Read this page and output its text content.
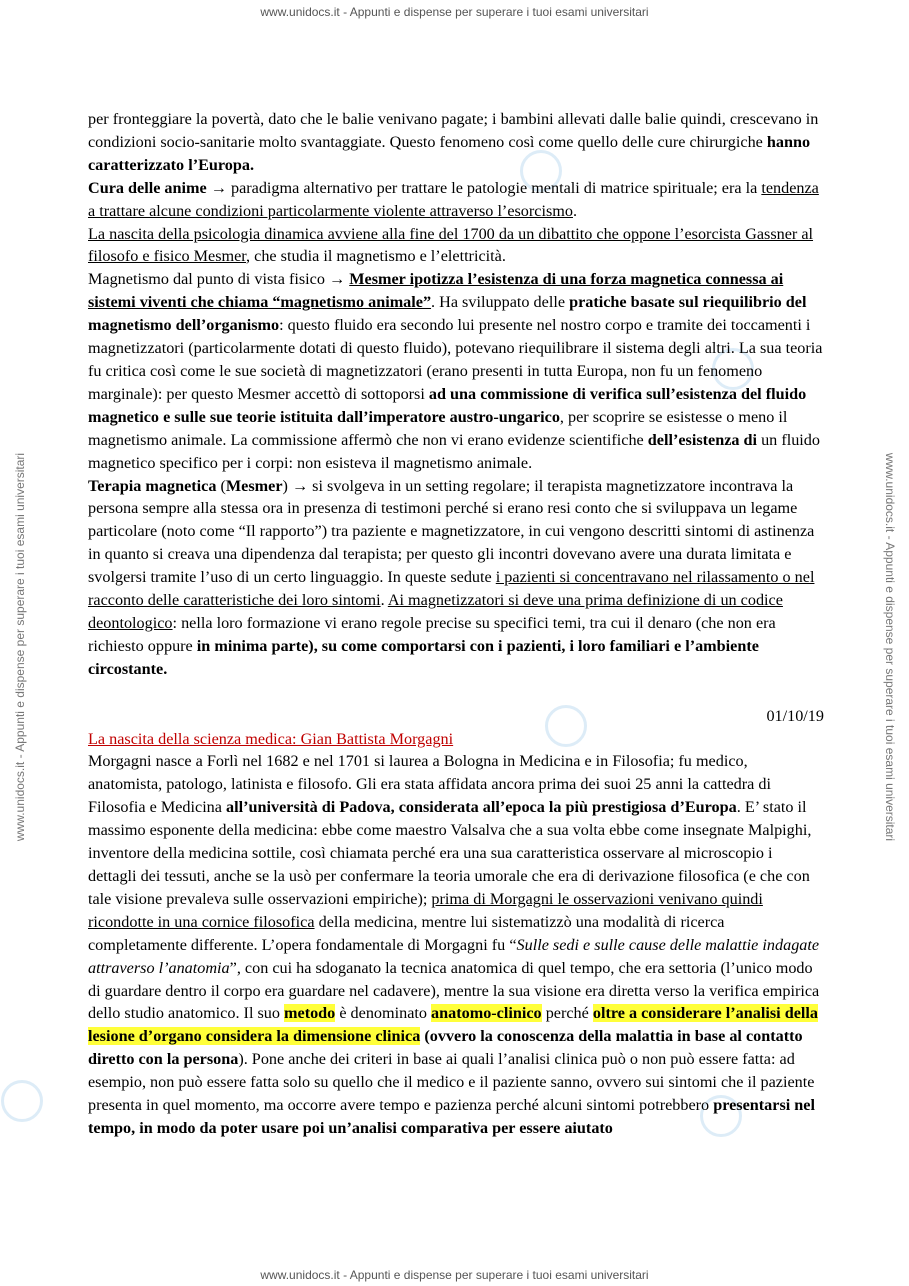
www.unidocs.it - Appunti e dispense per superare i tuoi esami universitari
www.unidocs.it - Appunti e dispense per superare i tuoi esami universitari	www.unidocs.it - Appunti e dispense per superare i tuoi esami universitari

per fronteggiare la povertà, dato che le balie venivano pagate; i bambini allevati dalle balie quindi, crescevano in condizioni socio-sanitarie molto svantaggiate. Questo fenomeno così come quello delle cure chirurgiche hanno caratterizzato l’Europa.
Cura delle anime → paradigma alternativo per trattare le patologie mentali di matrice spirituale; era la tendenza a trattare alcune condizioni particolarmente violente attraverso l’esorcismo.
La nascita della psicologia dinamica avviene alla fine del 1700 da un dibattito che oppone l’esorcista Gassner al filosofo e fisico Mesmer, che studia il magnetismo e l’elettricità.
Magnetismo dal punto di vista fisico → Mesmer ipotizza l’esistenza di una forza magnetica connessa ai sistemi viventi che chiama “magnetismo animale”. Ha sviluppato delle pratiche basate sul riequilibrio del magnetismo dell’organismo: questo fluido era secondo lui presente nel nostro corpo e tramite dei toccamenti i magnetizzatori (particolarmente dotati di questo fluido), potevano riequilibrare il sistema degli altri. La sua teoria fu critica così come le sue società di magnetizzatori (erano presenti in tutta Europa, non fu un fenomeno marginale): per questo Mesmer accettò di sottoporsi ad una commissione di verifica sull’esistenza del fluido magnetico e sulle sue teorie istituita dall’imperatore austro-ungarico, per scoprire se esistesse o meno il magnetismo animale. La commissione affermò che non vi erano evidenze scientifiche dell’esistenza di un fluido magnetico specifico per i corpi: non esisteva il magnetismo animale.

Terapia magnetica (Mesmer) → si svolgeva in un setting regolare; il terapista magnetizzatore incontrava la persona sempre alla stessa ora in presenza di testimoni perché si erano resi conto che si sviluppava un legame particolare (noto come “Il rapporto”) tra paziente e magnetizzatore, in cui vengono descritti sintomi di astinenza in quanto si creava una dipendenza dal terapista; per questo gli incontri dovevano avere una durata limitata e svolgersi tramite l’uso di un certo linguaggio. In queste sedute i pazienti si concentravano nel rilassamento o nel racconto delle caratteristiche dei loro sintomi. Ai magnetizzatori si deve una prima definizione di un codice deontologico: nella loro formazione vi erano regole precise su specifici temi, tra cui il denaro (che non era richiesto oppure in minima parte), su come comportarsi con i pazienti, i loro familiari e l’ambiente circostante.

01/10/19

La nascita della scienza medica: Gian Battista Morgagni

Morgagni nasce a Forlì nel 1682 e nel 1701 si laurea a Bologna in Medicina e in Filosofia; fu medico, anatomista, patologo, latinista e filosofo. Gli era stata affidata ancora prima dei suoi 25 anni la cattedra di Filosofia e Medicina all’università di Padova, considerata all’epoca la più prestigiosa d’Europa. E’ stato il massimo esponente della medicina: ebbe come maestro Valsalva che a sua volta ebbe come insegnate Malpighi, inventore della medicina sottile, così chiamata perché era una sua caratteristica osservare al microscopio i dettagli dei tessuti, anche se la usò per confermare la teoria umorale che era di derivazione filosofica (e che con tale visione prevaleva sulle osservazioni empiriche); prima di Morgagni le osservazioni venivano quindi ricondotte in una cornice filosofica della medicina, mentre lui sistematizzò una modalità di ricerca completamente differente. L’opera fondamentale di Morgagni fu “Sulle sedi e sulle cause delle malattie indagate attraverso l’anatomia”, con cui ha sdoganato la tecnica anatomica di quel tempo, che era settoria (l’unico modo di guardare dentro il corpo era guardare nel cadavere), mentre la sua visione era diretta verso la verifica empirica dello studio anatomico. Il suo metodo è denominato anatomo-clinico perché oltre a considerare l’analisi della lesione d’organo considera la dimensione clinica (ovvero la conoscenza della malattia in base al contatto diretto con la persona). Pone anche dei criteri in base ai quali l’analisi clinica può o non può essere fatta: ad esempio, non può essere fatta solo su quello che il medico e il paziente sanno, ovvero sui sintomi che il paziente presenta in quel momento, ma occorre avere tempo e pazienza perché alcuni sintomi potrebbero presentarsi nel tempo, in modo da poter usare poi un’analisi comparativa per essere aiutato

www.unidocs.it - Appunti e dispense per superare i tuoi esami universitari
